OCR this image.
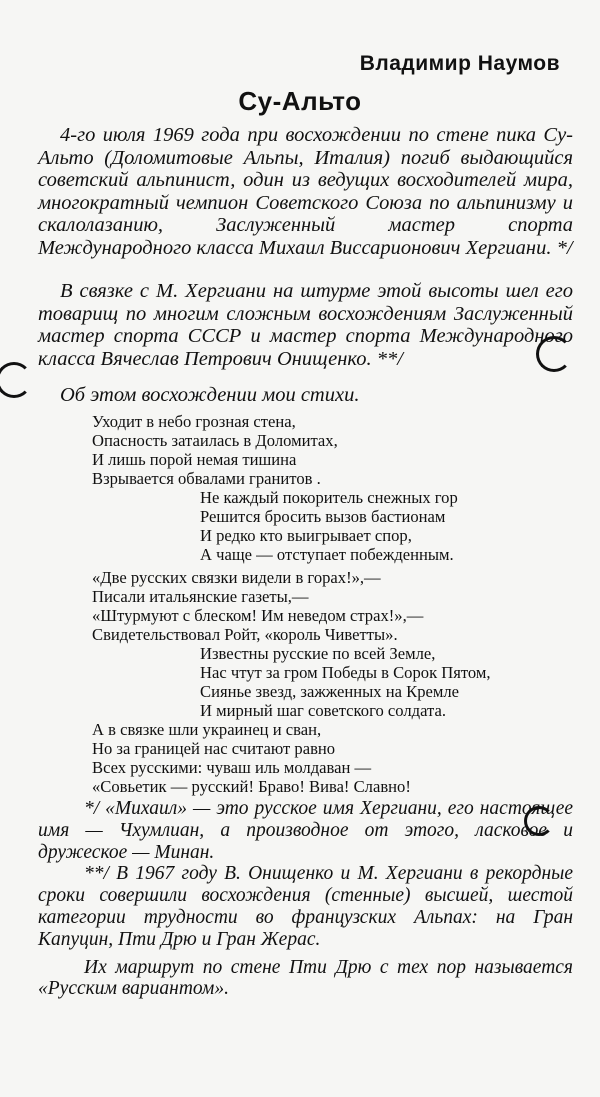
Владимир Наумов
Су-Альто

4-го июля 1969 года при восхождении по стене пика Су-Альто (Доломитовые Альпы, Италия) погиб выдающийся советский альпинист, один из ведущих восходителей мира, многократный чемпион Советского Союза по альпинизму и скалолазанию, Заслуженный мастер спорта Международного класса Михаил Виссарионович Хергиани. */

В связке с М. Хергиани на штурме этой высоты шел его товарищ по многим сложным восхождениям Заслуженный мастер спорта СССР и мастер спорта Международного класса Вячеслав Петрович Онищенко. **/

Об этом восхождении мои стихи.

Уходит в небо грозная стена,
Опасность затаилась в Доломитах,
И лишь порой немая тишина
Взрывается обвалами гранитов .
Не каждый покоритель снежных гор
Решится бросить вызов бастионам
И редко кто выигрывает спор,
А чаще — отступает побежденным.
«Две русских связки видели в горах!»,—
Писали итальянские газеты,—
«Штурмуют с блеском! Им неведом страх!»,—
Свидетельствовал Ройт, «король Чиветты».
Известны русские по всей Земле,
Нас чтут за гром Победы в Сорок Пятом,
Сиянье звезд, зажженных на Кремле
И мирный шаг советского солдата.
А в связке шли украинец и сван,
Но за границей нас считают равно
Всех русскими: чуваш иль молдаван —
«Совьетик — русский! Браво! Вива! Славно!

*/ «Михаил» — это русское имя Хергиани, его настоящее имя — Чхумлиан, а производное от этого, ласковое и дружеское — Минан.

**/ В 1967 году В. Онищенко и М. Хергиани в рекордные сроки совершили восхождения (стенные) высшей, шестой категории трудности во французских Альпах: на Гран Капуцин, Пти Дрю и Гран Жерас.

Их маршрут по стене Пти Дрю с тех пор называется «Русским вариантом».
